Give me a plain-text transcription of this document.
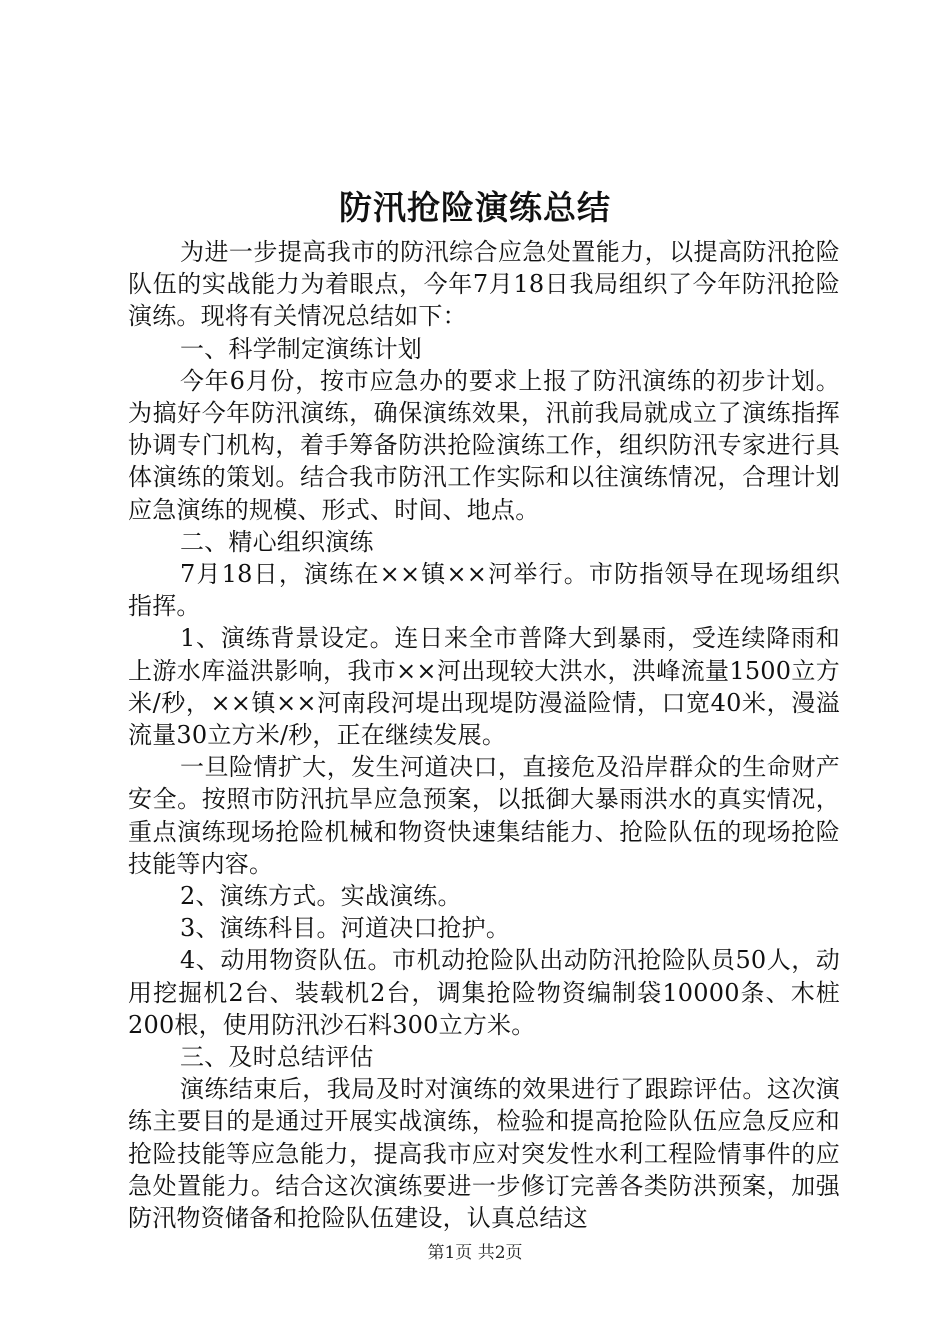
防汛抢险演练总结

为进一步提高我市的防汛综合应急处置能力，以提高防汛抢险队伍的实战能力为着眼点，今年7月18日我局组织了今年防汛抢险演练。现将有关情况总结如下：

一、科学制定演练计划

今年6月份，按市应急办的要求上报了防汛演练的初步计划。为搞好今年防汛演练，确保演练效果，汛前我局就成立了演练指挥协调专门机构，着手筹备防洪抢险演练工作，组织防汛专家进行具体演练的策划。结合我市防汛工作实际和以往演练情况，合理计划应急演练的规模、形式、时间、地点。

二、精心组织演练

7月18日，演练在××镇××河举行。市防指领导在现场组织指挥。

1、演练背景设定。连日来全市普降大到暴雨，受连续降雨和上游水库溢洪影响，我市××河出现较大洪水，洪峰流量1500立方米/秒，××镇××河南段河堤出现堤防漫溢险情，口宽40米，漫溢流量30立方米/秒，正在继续发展。

一旦险情扩大，发生河道决口，直接危及沿岸群众的生命财产安全。按照市防汛抗旱应急预案，以抵御大暴雨洪水的真实情况，重点演练现场抢险机械和物资快速集结能力、抢险队伍的现场抢险技能等内容。

2、演练方式。实战演练。

3、演练科目。河道决口抢护。

4、动用物资队伍。市机动抢险队出动防汛抢险队员50人，动用挖掘机2台、装载机2台，调集抢险物资编制袋10000条、木桩200根，使用防汛沙石料300立方米。

三、及时总结评估

演练结束后，我局及时对演练的效果进行了跟踪评估。这次演练主要目的是通过开展实战演练，检验和提高抢险队伍应急反应和抢险技能等应急能力，提高我市应对突发性水利工程险情事件的应急处置能力。结合这次演练要进一步修订完善各类防洪预案，加强防汛物资储备和抢险队伍建设，认真总结这

第1页 共2页
